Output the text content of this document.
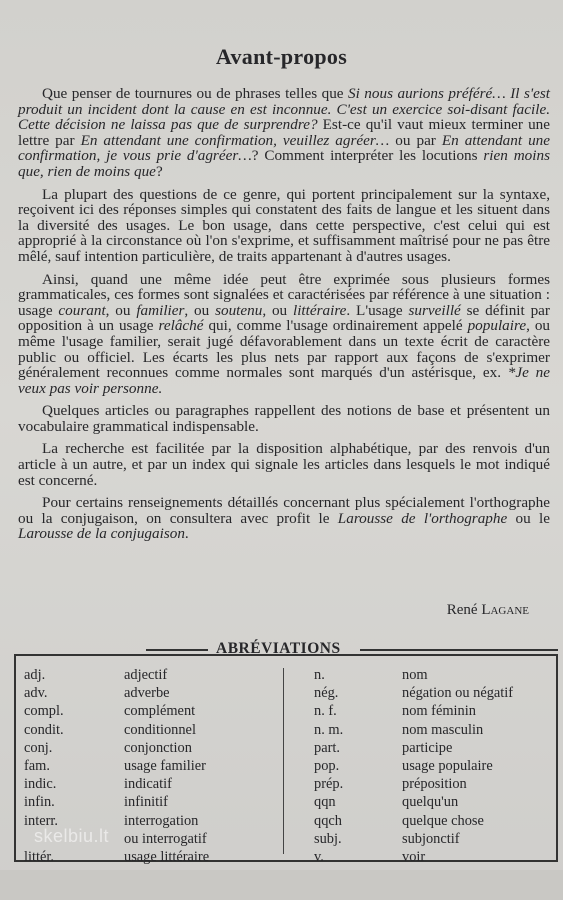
Avant-propos

Que penser de tournures ou de phrases telles que Si nous aurions préféré… Il s'est produit un incident dont la cause en est inconnue. C'est un exercice soi-disant facile. Cette décision ne laissa pas que de surprendre? Est-ce qu'il vaut mieux terminer une lettre par En attendant une confirmation, veuillez agréer… ou par En attendant une confirmation, je vous prie d'agréer…? Comment interpréter les locutions rien moins que, rien de moins que?

La plupart des questions de ce genre, qui portent principalement sur la syntaxe, reçoivent ici des réponses simples qui constatent des faits de langue et les situent dans la diversité des usages. Le bon usage, dans cette perspective, c'est celui qui est approprié à la circonstance où l'on s'exprime, et suffisamment maîtrisé pour ne pas être mêlé, sauf intention particulière, de traits appartenant à d'autres usages.

Ainsi, quand une même idée peut être exprimée sous plusieurs formes grammaticales, ces formes sont signalées et caractérisées par référence à une situation : usage courant, ou familier, ou soutenu, ou littéraire. L'usage surveillé se définit par opposition à un usage relâché qui, comme l'usage ordinairement appelé populaire, ou même l'usage familier, serait jugé défavorablement dans un texte écrit de caractère public ou officiel. Les écarts les plus nets par rapport aux façons de s'exprimer généralement reconnues comme normales sont marqués d'un astérisque, ex. *Je ne veux pas voir personne.

Quelques articles ou paragraphes rappellent des notions de base et présentent un vocabulaire grammatical indispensable.

La recherche est facilitée par la disposition alphabétique, par des renvois d'un article à un autre, et par un index qui signale les articles dans lesquels le mot indiqué est concerné.

Pour certains renseignements détaillés concernant plus spécialement l'orthographe ou la conjugaison, on consultera avec profit le Larousse de l'orthographe ou le Larousse de la conjugaison.

René Lagane
ABRÉVIATIONS
adj.	adjectif
adv.	adverbe
compl.	complément
condit.	conditionnel
conj.	conjonction
fam.	usage familier
indic.	indicatif
infin.	infinitif
interr.	interrogation
ou interrogatif
littér.	usage littéraire
n.	nom
nég.	négation ou négatif
n. f.	nom féminin
n. m.	nom masculin
part.	participe
pop.	usage populaire
prép.	préposition
qqn	quelqu'un
qqch	quelque chose
subj.	subjonctif
v.	voir
skelbiu.lt
